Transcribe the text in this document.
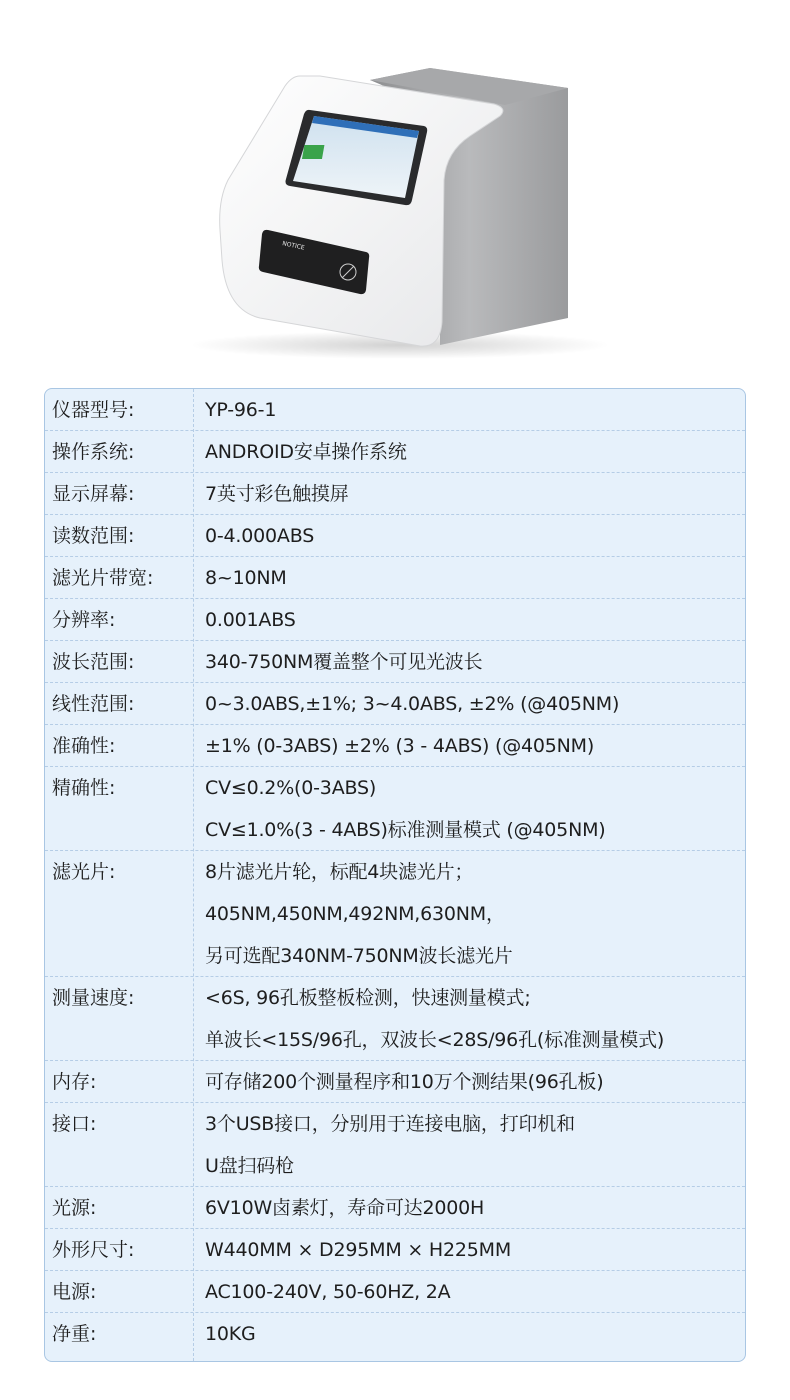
NOTICE
仪器型号:	YP-96-1
操作系统:	ANDROID安卓操作系统
显示屏幕:	7英寸彩色触摸屏
读数范围:	0-4.000ABS
滤光片带宽:	8~10NM
分辨率:	0.001ABS
波长范围:	340-750NM覆盖整个可见光波长
线性范围:	0~3.0ABS,±1%; 3~4.0ABS, ±2% (@405NM)
准确性:	±1% (0-3ABS) ±2% (3 - 4ABS) (@405NM)
精确性:	CV≤0.2%(0-3ABS)
CV≤1.0%(3 - 4ABS)标准测量模式 (@405NM)
滤光片:	8片滤光片轮，标配4块滤光片；
405NM,450NM,492NM,630NM，
另可选配340NM-750NM波长滤光片
测量速度:	<6S, 96孔板整板检测，快速测量模式;
单波长<15S/96孔，双波长<28S/96孔(标准测量模式)
内存:	可存储200个测量程序和10万个测结果(96孔板)
接口:	3个USB接口，分别用于连接电脑，打印机和
U盘扫码枪
光源:	6V10W卤素灯，寿命可达2000H
外形尺寸:	W440MM × D295MM × H225MM
电源:	AC100-240V, 50-60HZ, 2A
净重:	10KG
